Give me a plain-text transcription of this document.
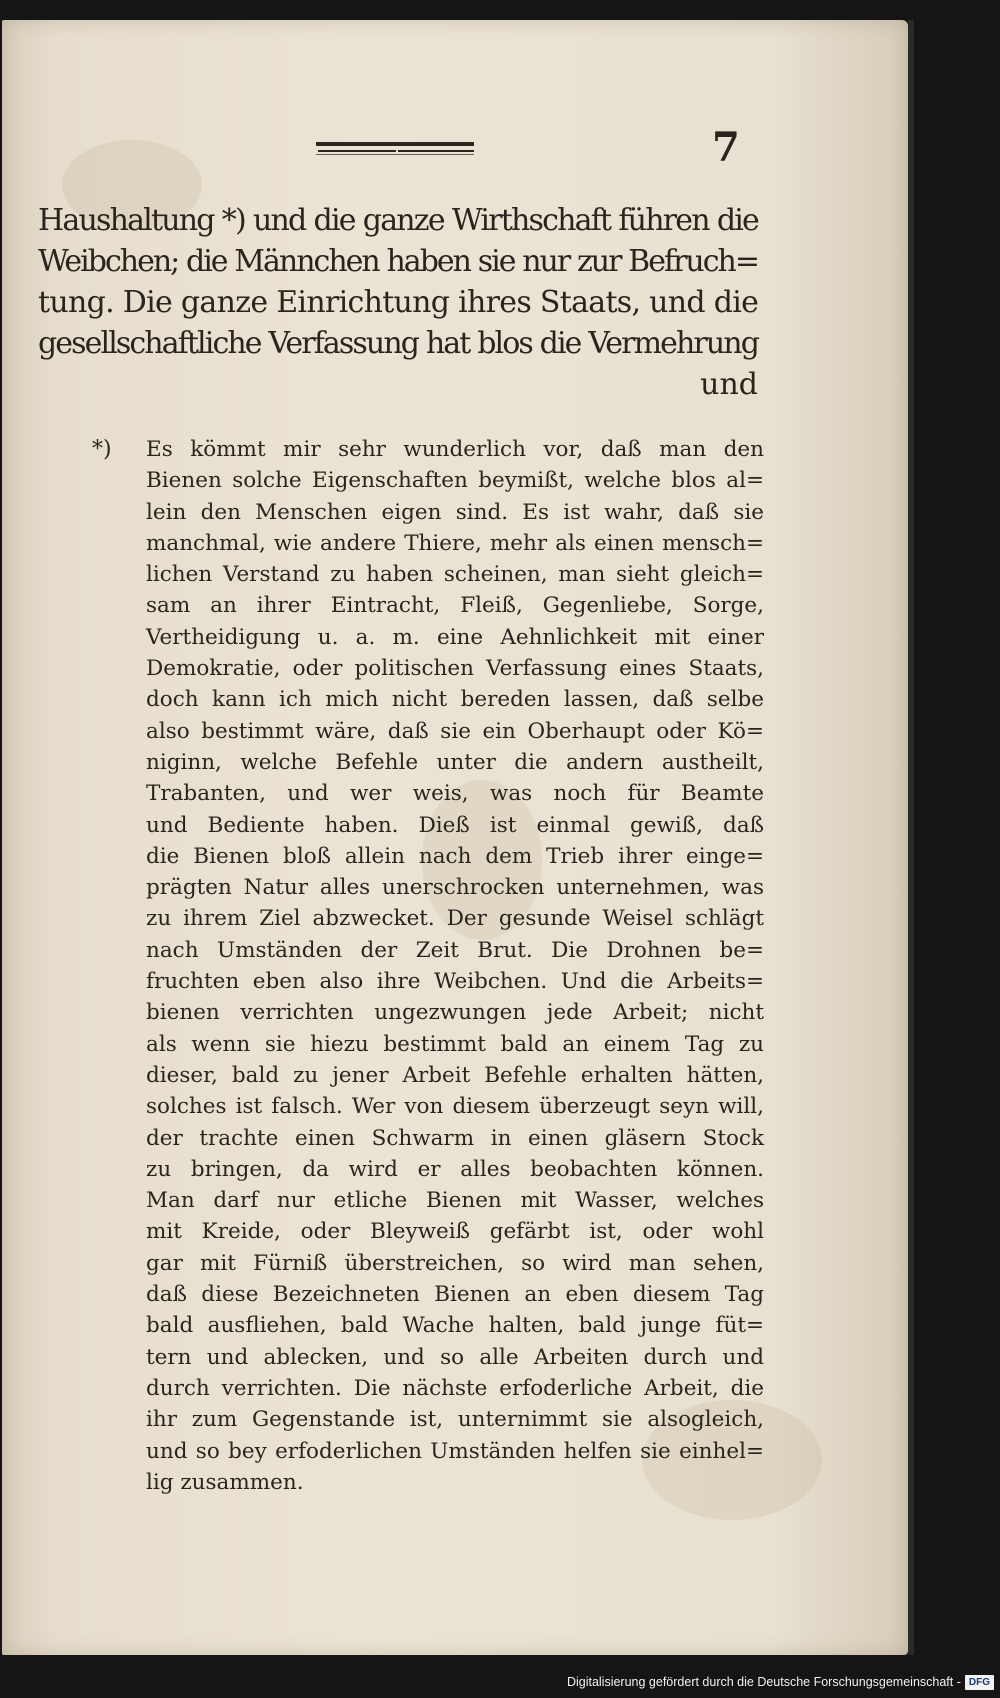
7
Haushaltung *) und die ganze Wirthschaft führen die
Weibchen; die Männchen haben sie nur zur Befruch=
tung. Die ganze Einrichtung ihres Staats, und die
gesellschaftliche Verfassung hat blos die Vermehrung
und
*) Es kömmt mir sehr wunderlich vor, daß man den
Bienen solche Eigenschaften beymißt, welche blos al=
lein den Menschen eigen sind. Es ist wahr, daß sie
manchmal, wie andere Thiere, mehr als einen mensch=
lichen Verstand zu haben scheinen, man sieht gleich=
sam an ihrer Eintracht, Fleiß, Gegenliebe, Sorge,
Vertheidigung u. a. m. eine Aehnlichkeit mit einer
Demokratie, oder politischen Verfassung eines Staats,
doch kann ich mich nicht bereden lassen, daß selbe
also bestimmt wäre, daß sie ein Oberhaupt oder Kö=
niginn, welche Befehle unter die andern austheilt,
Trabanten, und wer weis, was noch für Beamte
und Bediente haben. Dieß ist einmal gewiß, daß
die Bienen bloß allein nach dem Trieb ihrer einge=
prägten Natur alles unerschrocken unternehmen, was
zu ihrem Ziel abzwecket. Der gesunde Weisel schlägt
nach Umständen der Zeit Brut. Die Drohnen be=
fruchten eben also ihre Weibchen. Und die Arbeits=
bienen verrichten ungezwungen jede Arbeit; nicht
als wenn sie hiezu bestimmt bald an einem Tag zu
dieser, bald zu jener Arbeit Befehle erhalten hätten,
solches ist falsch. Wer von diesem überzeugt seyn will,
der trachte einen Schwarm in einen gläsern Stock
zu bringen, da wird er alles beobachten können.
Man darf nur etliche Bienen mit Wasser, welches
mit Kreide, oder Bleyweiß gefärbt ist, oder wohl
gar mit Fürniß überstreichen, so wird man sehen,
daß diese Bezeichneten Bienen an eben diesem Tag
bald ausfliehen, bald Wache halten, bald junge füt=
tern und ablecken, und so alle Arbeiten durch und
durch verrichten. Die nächste erfoderliche Arbeit, die
ihr zum Gegenstande ist, unternimmt sie alsogleich,
und so bey erfoderlichen Umständen helfen sie einhel=
lig zusammen.
Digitalisierung gefördert durch die Deutsche Forschungsgemeinschaft - DFG
